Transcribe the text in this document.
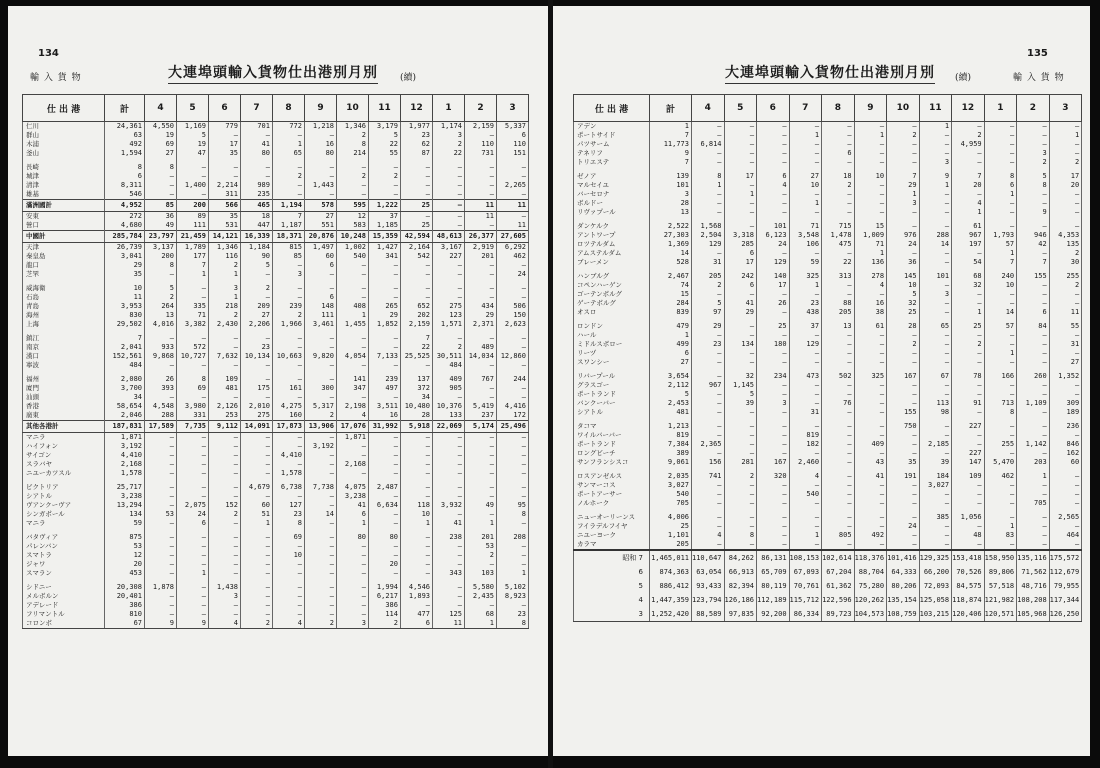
134
輸 入 貨 物	大連埠頭輸入貨物仕出港別月別 (續)
仕 出 港	計	4	5	6	7	8	9	10	11	12	1	2	3
仁川	24,361	4,550	1,169	779	701	772	1,218	1,346	3,179	1,977	1,174	2,159	5,337
群山	63	19	5	—	—	—	—	2	5	23	3	—	6
木浦	492	69	19	17	41	1	16	8	22	62	2	110	110
釜山	1,594	27	47	35	80	65	80	214	55	87	22	731	151

長崎	8	8	—	—	—	—	—	—	—	—	—	—	—
城津	6	—	—	—	—	2	—	2	2	—	—	—	—
清津	8,311	—	1,400	2,214	989	—	1,443	—	—	—	—	—	2,265
雄基	546	—	—	311	235	—	—	—	—	—	—	—	—
滿洲國計	4,952	85	200	566	465	1,194	578	595	1,222	25	—	11	11
安東	272	36	89	35	18	7	27	12	37	—	—	11	—
營口	4,680	49	111	531	447	1,187	551	583	1,185	25	—	—	11
中國計	285,784	23,797	21,459	14,121	16,339	18,371	20,876	10,248	15,359	42,594	48,613	26,377	27,605
天津	26,739	3,137	1,789	1,346	1,184	815	1,497	1,002	1,427	2,164	3,167	2,919	6,292
秦皇島	3,041	200	177	116	90	85	60	540	341	542	227	201	462
龍口	29	8	7	2	5	—	6	—	—	—	—	—	—
芝罘	35	—	1	1	—	3	—	—	—	—	—	—	24

威海衛	10	5	—	3	2	—	—	—	—	—	—	—	—
石島	11	2	—	1	—	—	6	—	—	—	—	—	—
青島	3,953	264	335	218	209	239	148	408	265	652	275	434	506
海州	830	13	71	2	27	2	111	1	29	202	123	29	150
上海	29,502	4,016	3,382	2,430	2,206	1,966	3,461	1,455	1,852	2,159	1,571	2,371	2,623

鎮江	7	—	—	—	—	—	—	—	—	7	—	—	—
南京	2,041	933	572	—	23	—	—	—	—	22	2	489	—
漢口	152,561	9,868	10,727	7,632	10,134	10,663	9,820	4,054	7,133	25,525	30,511	14,034	12,860
寧波	484	—	—	—	—	—	—	—	—	—	484	—	—

福州	2,080	26	8	109	—	—	—	141	239	137	409	767	244
廈門	3,700	393	69	481	175	161	300	347	497	372	905	—	—
汕頭	34	—	—	—	—	—	—	—	—	34	—	—	—
香港	58,654	4,548	3,980	2,126	2,010	4,275	5,317	2,198	3,511	10,480	10,376	5,419	4,416
廣東	2,046	288	331	253	275	160	2	4	16	28	133	237	172
其他各港計	187,831	17,589	7,735	9,112	14,091	17,873	13,906	17,076	31,992	5,918	22,069	5,174	25,496
マニラ	1,871	—	—	—	—	—	—	1,871	—	—	—	—	—
ハイフォン	3,192	—	—	—	—	—	3,192	—	—	—	—	—	—
サイゴン	4,410	—	—	—	—	4,410	—	—	—	—	—	—	—
スラバヤ	2,168	—	—	—	—	—	—	2,168	—	—	—	—	—
ニユーカツスル	1,578	—	—	—	—	1,578	—	—	—	—	—	—	—

ビクトリア	25,717	—	—	—	4,679	6,738	7,738	4,075	2,487	—	—	—	—
シアトル	3,238	—	—	—	—	—	—	3,238	—	—	—	—	—
ヴアンクーヴア	13,294	—	2,075	152	60	127	—	41	6,634	118	3,932	49	95
シンガポール	134	53	24	2	51	23	14	6	—	10	—	—	8
マニラ	59	—	6	—	1	8	—	1	—	1	41	1	—

バタヴィア	875	—	—	—	—	69	—	80	80	—	238	201	208
パレンバン	53	—	—	—	—	—	—	—	—	—	—	53	—
スマトラ	12	—	—	—	—	10	—	—	—	—	—	2	—
ジャワ	20	—	—	—	—	—	—	—	20	—	—	—	—
スマラン	453	—	1	—	—	—	—	—	—	—	343	103	1

シドニー	20,308	1,878	—	1,438	—	—	—	—	1,994	4,546	—	5,580	5,102
メルボルン	20,401	—	—	3	—	—	—	—	6,217	1,893	—	2,435	8,923
アデレード	386	—	—	—	—	—	—	—	386	—	—	—	—
フリマントル	810	—	—	—	—	—	—	—	114	477	125	68	23
コロンボ	67	9	9	4	2	4	2	3	2	6	11	1	8
135
輸 入 貨 物
大連埠頭輸入貨物仕出港別月別 (續)
仕 出 港	計	4	5	6	7	8	9	10	11	12	1	2	3
アデン	1	—	—	—	—	—	—	—	1	—	—	—	—
ポートサイド	7	—	—	—	1	—	1	2	—	2	—	—	1
パツサーム	11,773	6,814	—	—	—	—	—	—	—	4,959	—	—	—
テネリフ	9	—	—	—	—	6	—	—	—	—	—	3	—
トリエステ	7	—	—	—	—	—	—	—	3	—	—	2	2

ゼノア	139	8	17	6	27	18	10	7	9	7	8	5	17
マルセイユ	101	1	—	4	10	2	—	29	1	20	6	8	20
バーセロナ	3	—	1	—	—	—	—	1	—	—	1	—	—
ボルドー	28	—	—	—	1	—	—	3	—	4	—	—	—
リヴァプール	13	—	—	—	—	—	—	—	—	1	—	9	—

ダンケルク	2,522	1,568	—	101	71	715	15	—	—	61	—	—	—
アントワープ	27,303	2,504	3,318	6,123	3,548	1,478	1,009	976	288	967	1,793	946	4,353
ロツテルダム	1,369	129	285	24	106	475	71	24	14	197	57	42	135
アムステルダム	14	—	6	—	—	—	1	—	—	—	1	—	2
ブレーメン	528	31	17	129	59	22	136	36	—	54	7	7	30

ハンブルグ	2,467	205	242	140	325	313	278	145	101	68	240	155	255
コペンハーゲン	74	2	6	17	1	—	4	10	—	32	10	—	2
ゴーテンボルグ	15	—	—	—	—	—	—	5	3	—	—	—	—
ゲーテボルグ	284	5	41	26	23	88	16	32	—	—	—	—	—
オスロ	839	97	29	—	438	205	38	25	—	1	14	6	11

ロンドン	479	29	—	25	37	13	61	28	65	25	57	84	55
ハール	1	—	—	—	—	—	—	—	—	—	—	—	—
ミドルスボロー	499	23	134	180	129	—	—	2	—	2	—	—	31
リーヅ	6	—	—	—	—	—	—	—	—	—	1	—	—
スワンシー	27	—	—	—	—	—	—	—	—	—	—	—	27

リバープール	3,654	—	32	234	473	502	325	167	67	78	166	260	1,352
グラスゴー	2,112	967	1,145	—	—	—	—	—	—	—	—	—	—
ポートランド	5	—	5	—	—	—	—	—	—	—	—	—	—
バンクーバー	2,453	—	39	3	—	76	—	—	113	91	713	1,109	309
シアトル	481	—	—	—	31	—	—	155	98	—	8	—	189

タコマ	1,213	—	—	—	—	—	—	750	—	227	—	—	236
ワイルバーバー	819	—	—	—	819	—	—	—	—	—	—	—	—
ポートランド	7,384	2,365	—	—	182	—	409	—	2,185	—	255	1,142	846
ロングビーチ	389	—	—	—	—	—	—	—	—	227	—	—	162
サンフランシスコ	9,061	156	281	167	2,460	—	43	35	39	147	5,470	203	60

ロスアンゼルス	2,035	741	2	320	4	—	41	191	184	109	462	1	—
サンマーコス	3,027	—	—	—	—	—	—	—	3,027	—	—	—	—
ポートアーサー	540	—	—	—	540	—	—	—	—	—	—	—	—
ノルホーク	705	—	—	—	—	—	—	—	—	—	—	705	—

ニューオーリーンス	4,006	—	—	—	—	—	—	—	385	1,056	—	—	2,565
フイラデルフイヤ	25	—	—	—	—	—	—	24	—	—	1	—	—
ニユーヨーク	1,101	4	8	—	1	805	492	—	—	48	83	—	464
カラマ	205	—	—	—	—	—	—	—	—	—	—	—	—
昭和 7	1,465,011	110,647	84,262	86,131	108,153	102,614	118,376	101,416	129,325	153,418	158,950	135,116	175,572
6	874,363	63,054	66,913	65,709	67,093	67,204	88,704	64,333	66,200	70,526	89,806	71,562	112,679
5	886,412	93,433	82,394	80,119	70,761	61,362	75,280	80,206	72,093	84,575	57,518	48,716	79,955
4	1,447,359	123,794	126,186	112,189	115,712	122,596	120,262	135,154	125,058	118,874	121,982	108,208	117,344
3	1,252,420	88,589	97,835	92,200	86,334	89,723	104,573	108,759	103,215	120,406	120,571	105,968	126,250
